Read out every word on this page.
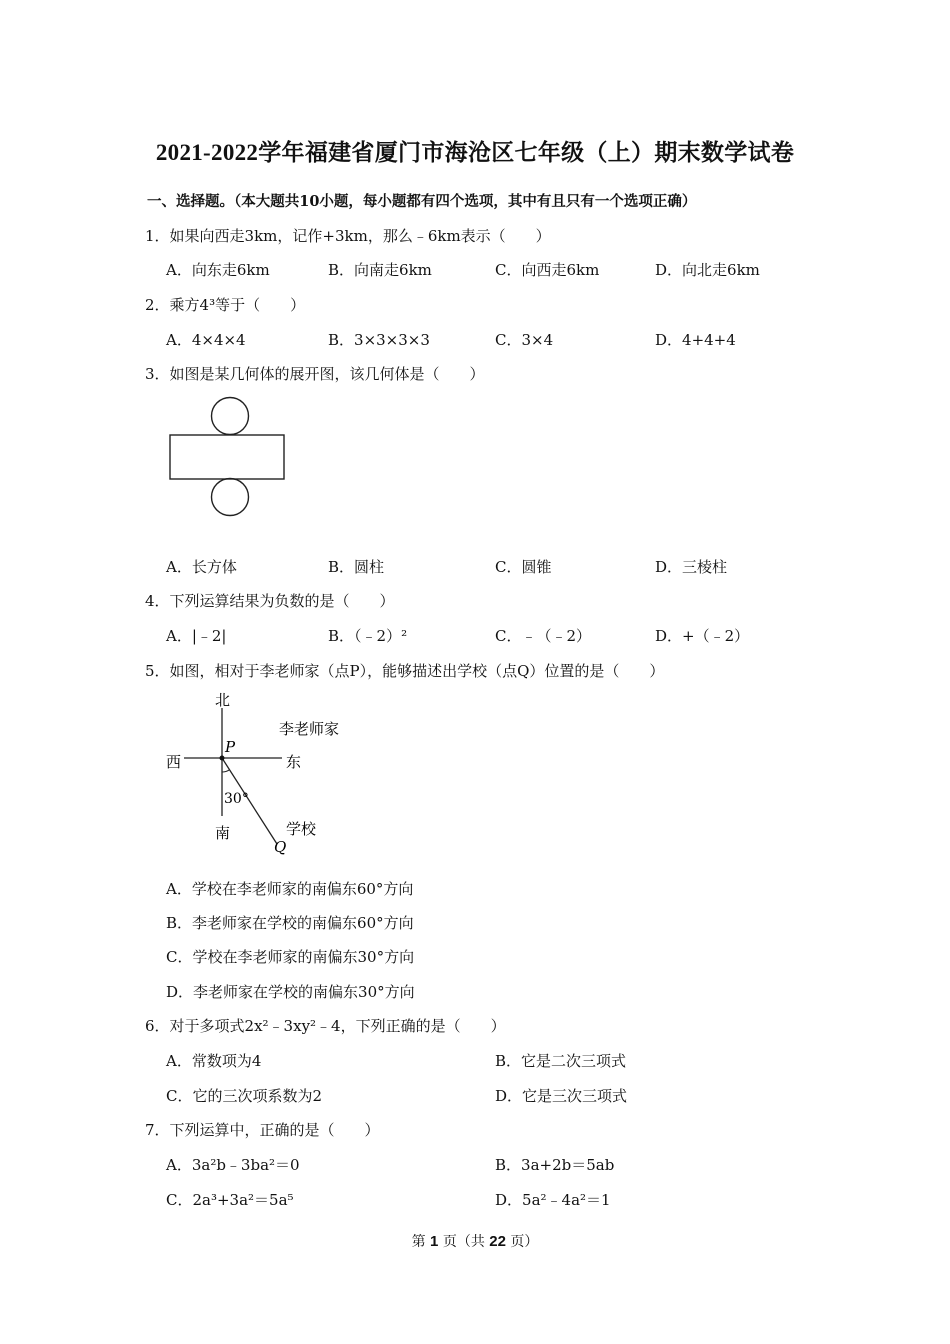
2021-2022学年福建省厦门市海沧区七年级（上）期末数学试卷
一、选择题。（本大题共10小题，每小题都有四个选项，其中有且只有一个选项正确）
1．如果向西走3km，记作+3km，那么﹣6km表示（　　）
A．向东走6km	B．向南走6km	C．向西走6km	D．向北走6km
2．乘方4³等于（　　）
A．4×4×4	B．3×3×3×3	C．3×4	D．4+4+4
3．如图是某几何体的展开图，该几何体是（　　）
A．长方体	B．圆柱	C．圆锥	D．三棱柱
4．下列运算结果为负数的是（　　）
A．|﹣2|	B．（﹣2）²	C．﹣（﹣2）	D．+（﹣2）
5．如图，相对于李老师家（点P），能够描述出学校（点Q）位置的是（　　）
北
南
西	东
李老师家
学校
P
Q
30°
A．学校在李老师家的南偏东60°方向
B．李老师家在学校的南偏东60°方向
C．学校在李老师家的南偏东30°方向
D．李老师家在学校的南偏东30°方向
6．对于多项式2x²﹣3xy²﹣4，下列正确的是（　　）
A．常数项为4	B．它是二次三项式
C．它的三次项系数为2	D．它是三次三项式
7．下列运算中，正确的是（　　）
A．3a²b﹣3ba²＝0	B．3a+2b＝5ab
C．2a³+3a²＝5a⁵	D．5a²﹣4a²＝1
第 1 页（共 22 页）
